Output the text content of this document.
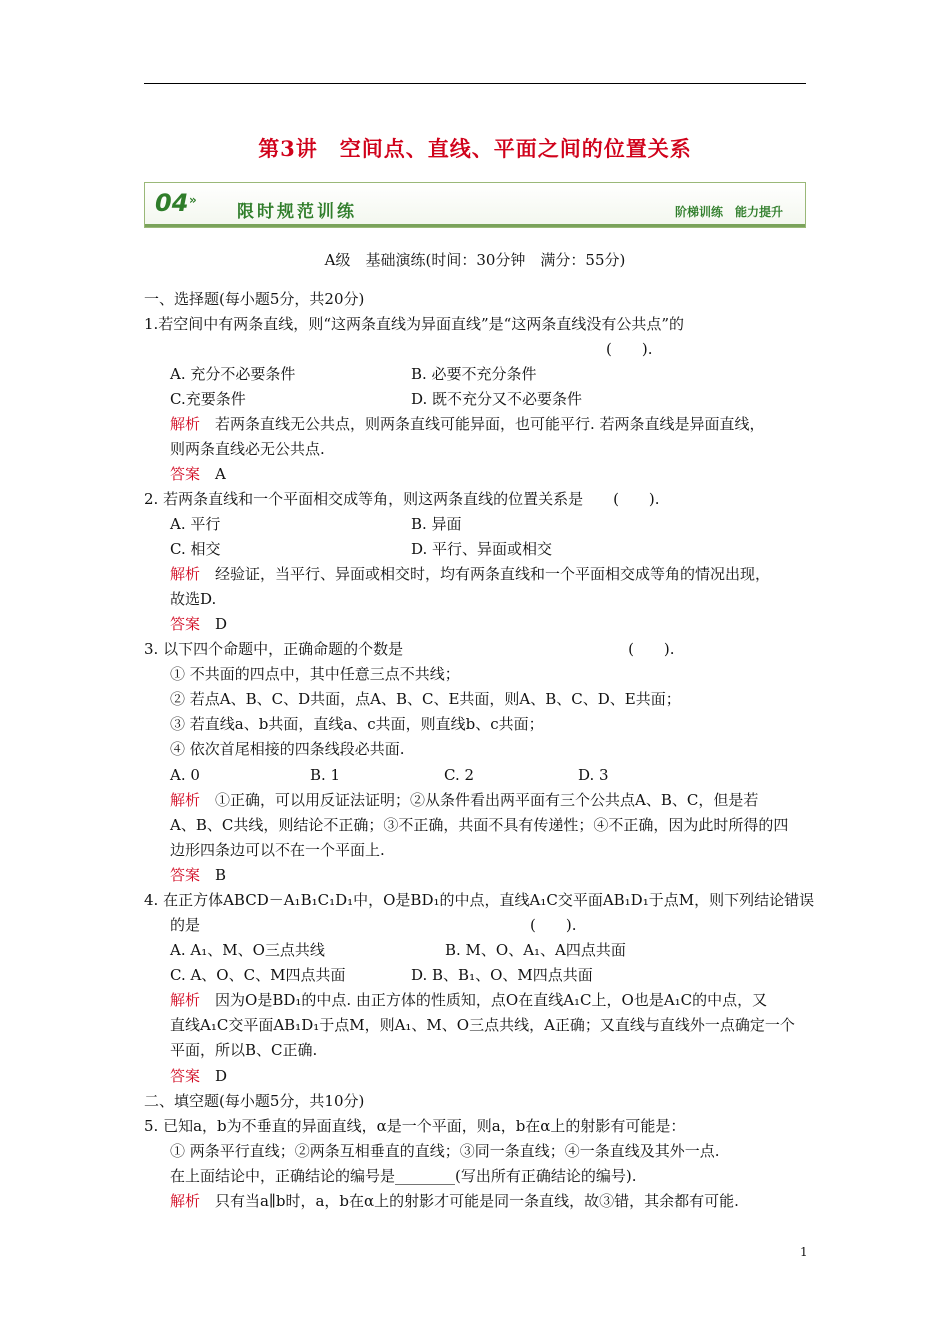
第3讲　空间点、直线、平面之间的位置关系
04 »
限时规范训练	阶梯训练　能力提升
A级　基础演练(时间：30分钟　满分：55分)
一、选择题(每小题5分，共20分)
1.若空间中有两条直线，则“这两条直线为异面直线”是“这两条直线没有公共点”的
(　　).
A. 充分不必要条件	B. 必要不充分条件
C.充要条件	D. 既不充分又不必要条件
解析　若两条直线无公共点，则两条直线可能异面，也可能平行. 若两条直线是异面直线，
则两条直线必无公共点.
答案　A
2. 若两条直线和一个平面相交成等角，则这两条直线的位置关系是　　(　　).
A. 平行	B. 异面
C. 相交	D. 平行、异面或相交
解析　经验证，当平行、异面或相交时，均有两条直线和一个平面相交成等角的情况出现，
故选D.
答案　D
3. 以下四个命题中，正确命题的个数是　　　　　　　　　　　　　　　(　　).
① 不共面的四点中，其中任意三点不共线；
② 若点A、B、C、D共面，点A、B、C、E共面，则A、B、C、D、E共面；
③ 若直线a、b共面，直线a、c共面，则直线b、c共面；
④ 依次首尾相接的四条线段必共面.
A. 0	B. 1	C. 2	D. 3
解析　①正确，可以用反证法证明；②从条件看出两平面有三个公共点A、B、C，但是若
A、B、C共线，则结论不正确；③不正确，共面不具有传递性；④不正确，因为此时所得的四
边形四条边可以不在一个平面上.
答案　B
4. 在正方体ABCD－A₁B₁C₁D₁中，O是BD₁的中点，直线A₁C交平面AB₁D₁于点M，则下列结论错误
的是　　　　　　　　　　　　　　　　　　　　　　(　　).
A. A₁、M、O三点共线	B. M、O、A₁、A四点共面
C. A、O、C、M四点共面	D. B、B₁、O、M四点共面
解析　因为O是BD₁的中点. 由正方体的性质知，点O在直线A₁C上，O也是A₁C的中点，又
直线A₁C交平面AB₁D₁于点M，则A₁、M、O三点共线，A正确；又直线与直线外一点确定一个
平面，所以B、C正确.
答案　D
二、填空题(每小题5分，共10分)
5. 已知a，b为不垂直的异面直线，α是一个平面，则a，b在α上的射影有可能是：
① 两条平行直线；②两条互相垂直的直线；③同一条直线；④一条直线及其外一点.
在上面结论中，正确结论的编号是________(写出所有正确结论的编号).
解析　只有当a∥b时，a，b在α上的射影才可能是同一条直线，故③错，其余都有可能.
1
